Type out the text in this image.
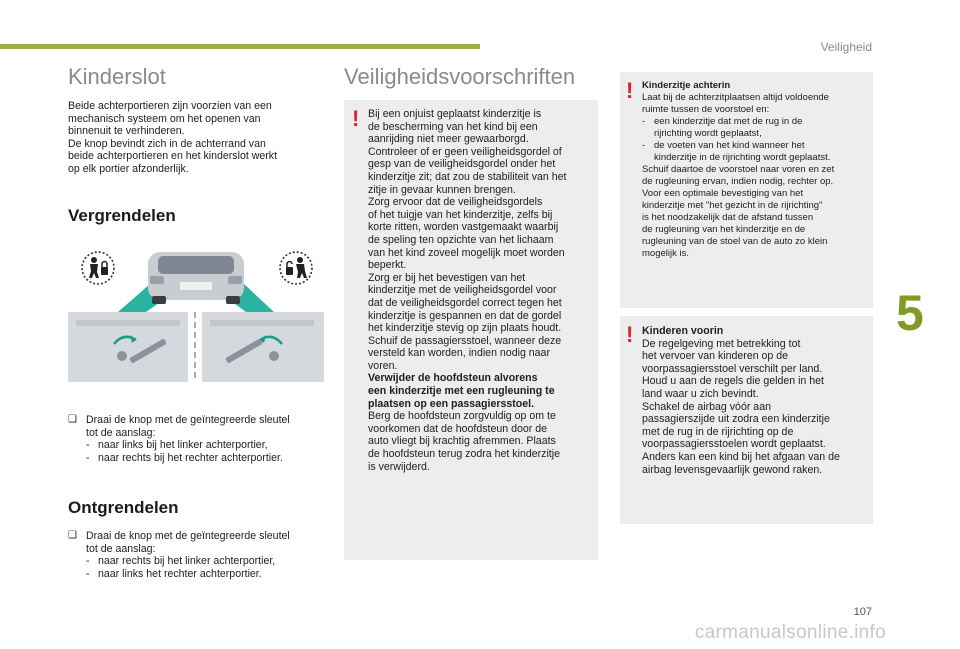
Veiligheid
5
107
carmanualsonline.info
Kinderslot
Beide achterportieren zijn voorzien van een
mechanisch systeem om het openen van
binnenuit te verhinderen.
De knop bevindt zich in de achterrand van
beide achterportieren en het kinderslot werkt
op elk portier afzonderlijk.
Vergrendelen
❑ Draai de knop met de geïntegreerde sleutel
tot de aanslag:
- naar links bij het linker achterportier,
- naar rechts bij het rechter achterportier.
Ontgrendelen
❑ Draai de knop met de geïntegreerde sleutel
tot de aanslag:
- naar rechts bij het linker achterportier,
- naar links het rechter achterportier.
Veiligheidsvoorschriften
! Bij een onjuist geplaatst kinderzitje is
de bescherming van het kind bij een
aanrijding niet meer gewaarborgd.
Controleer of er geen veiligheidsgordel of
gesp van de veiligheidsgordel onder het
kinderzitje zit; dat zou de stabiliteit van het
zitje in gevaar kunnen brengen.
Zorg ervoor dat de veiligheidsgordels
of het tuigje van het kinderzitje, zelfs bij
korte ritten, worden vastgemaakt waarbij
de speling ten opzichte van het lichaam
van het kind zoveel mogelijk moet worden
beperkt.
Zorg er bij het bevestigen van het
kinderzitje met de veiligheidsgordel voor
dat de veiligheidsgordel correct tegen het
kinderzitje is gespannen en dat de gordel
het kinderzitje stevig op zijn plaats houdt.
Schuif de passagiersstoel, wanneer deze
versteld kan worden, indien nodig naar
voren.
Verwijder de hoofdsteun alvorens
een kinderzitje met een rugleuning te
plaatsen op een passagiersstoel.
Berg de hoofdsteun zorgvuldig op om te
voorkomen dat de hoofdsteun door de
auto vliegt bij krachtig afremmen. Plaats
de hoofdsteun terug zodra het kinderzitje
is verwijderd.
! Kinderzitje achterin
Laat bij de achterzitplaatsen altijd voldoende
ruimte tussen de voorstoel en:
- een kinderzitje dat met de rug in de
rijrichting wordt geplaatst,
- de voeten van het kind wanneer het
kinderzitje in de rijrichting wordt geplaatst.
Schuif daartoe de voorstoel naar voren en zet
de rugleuning ervan, indien nodig, rechter op.
Voor een optimale bevestiging van het
kinderzitje met "het gezicht in de rijrichting"
is het noodzakelijk dat de afstand tussen
de rugleuning van het kinderzitje en de
rugleuning van de stoel van de auto zo klein
mogelijk is.
! Kinderen voorin
De regelgeving met betrekking tot
het vervoer van kinderen op de
voorpassagiersstoel verschilt per land.
Houd u aan de regels die gelden in het
land waar u zich bevindt.
Schakel de airbag vóór aan
passagierszijde uit zodra een kinderzitje
met de rug in de rijrichting op de
voorpassagiersstoelen wordt geplaatst.
Anders kan een kind bij het afgaan van de
airbag levensgevaarlijk gewond raken.
